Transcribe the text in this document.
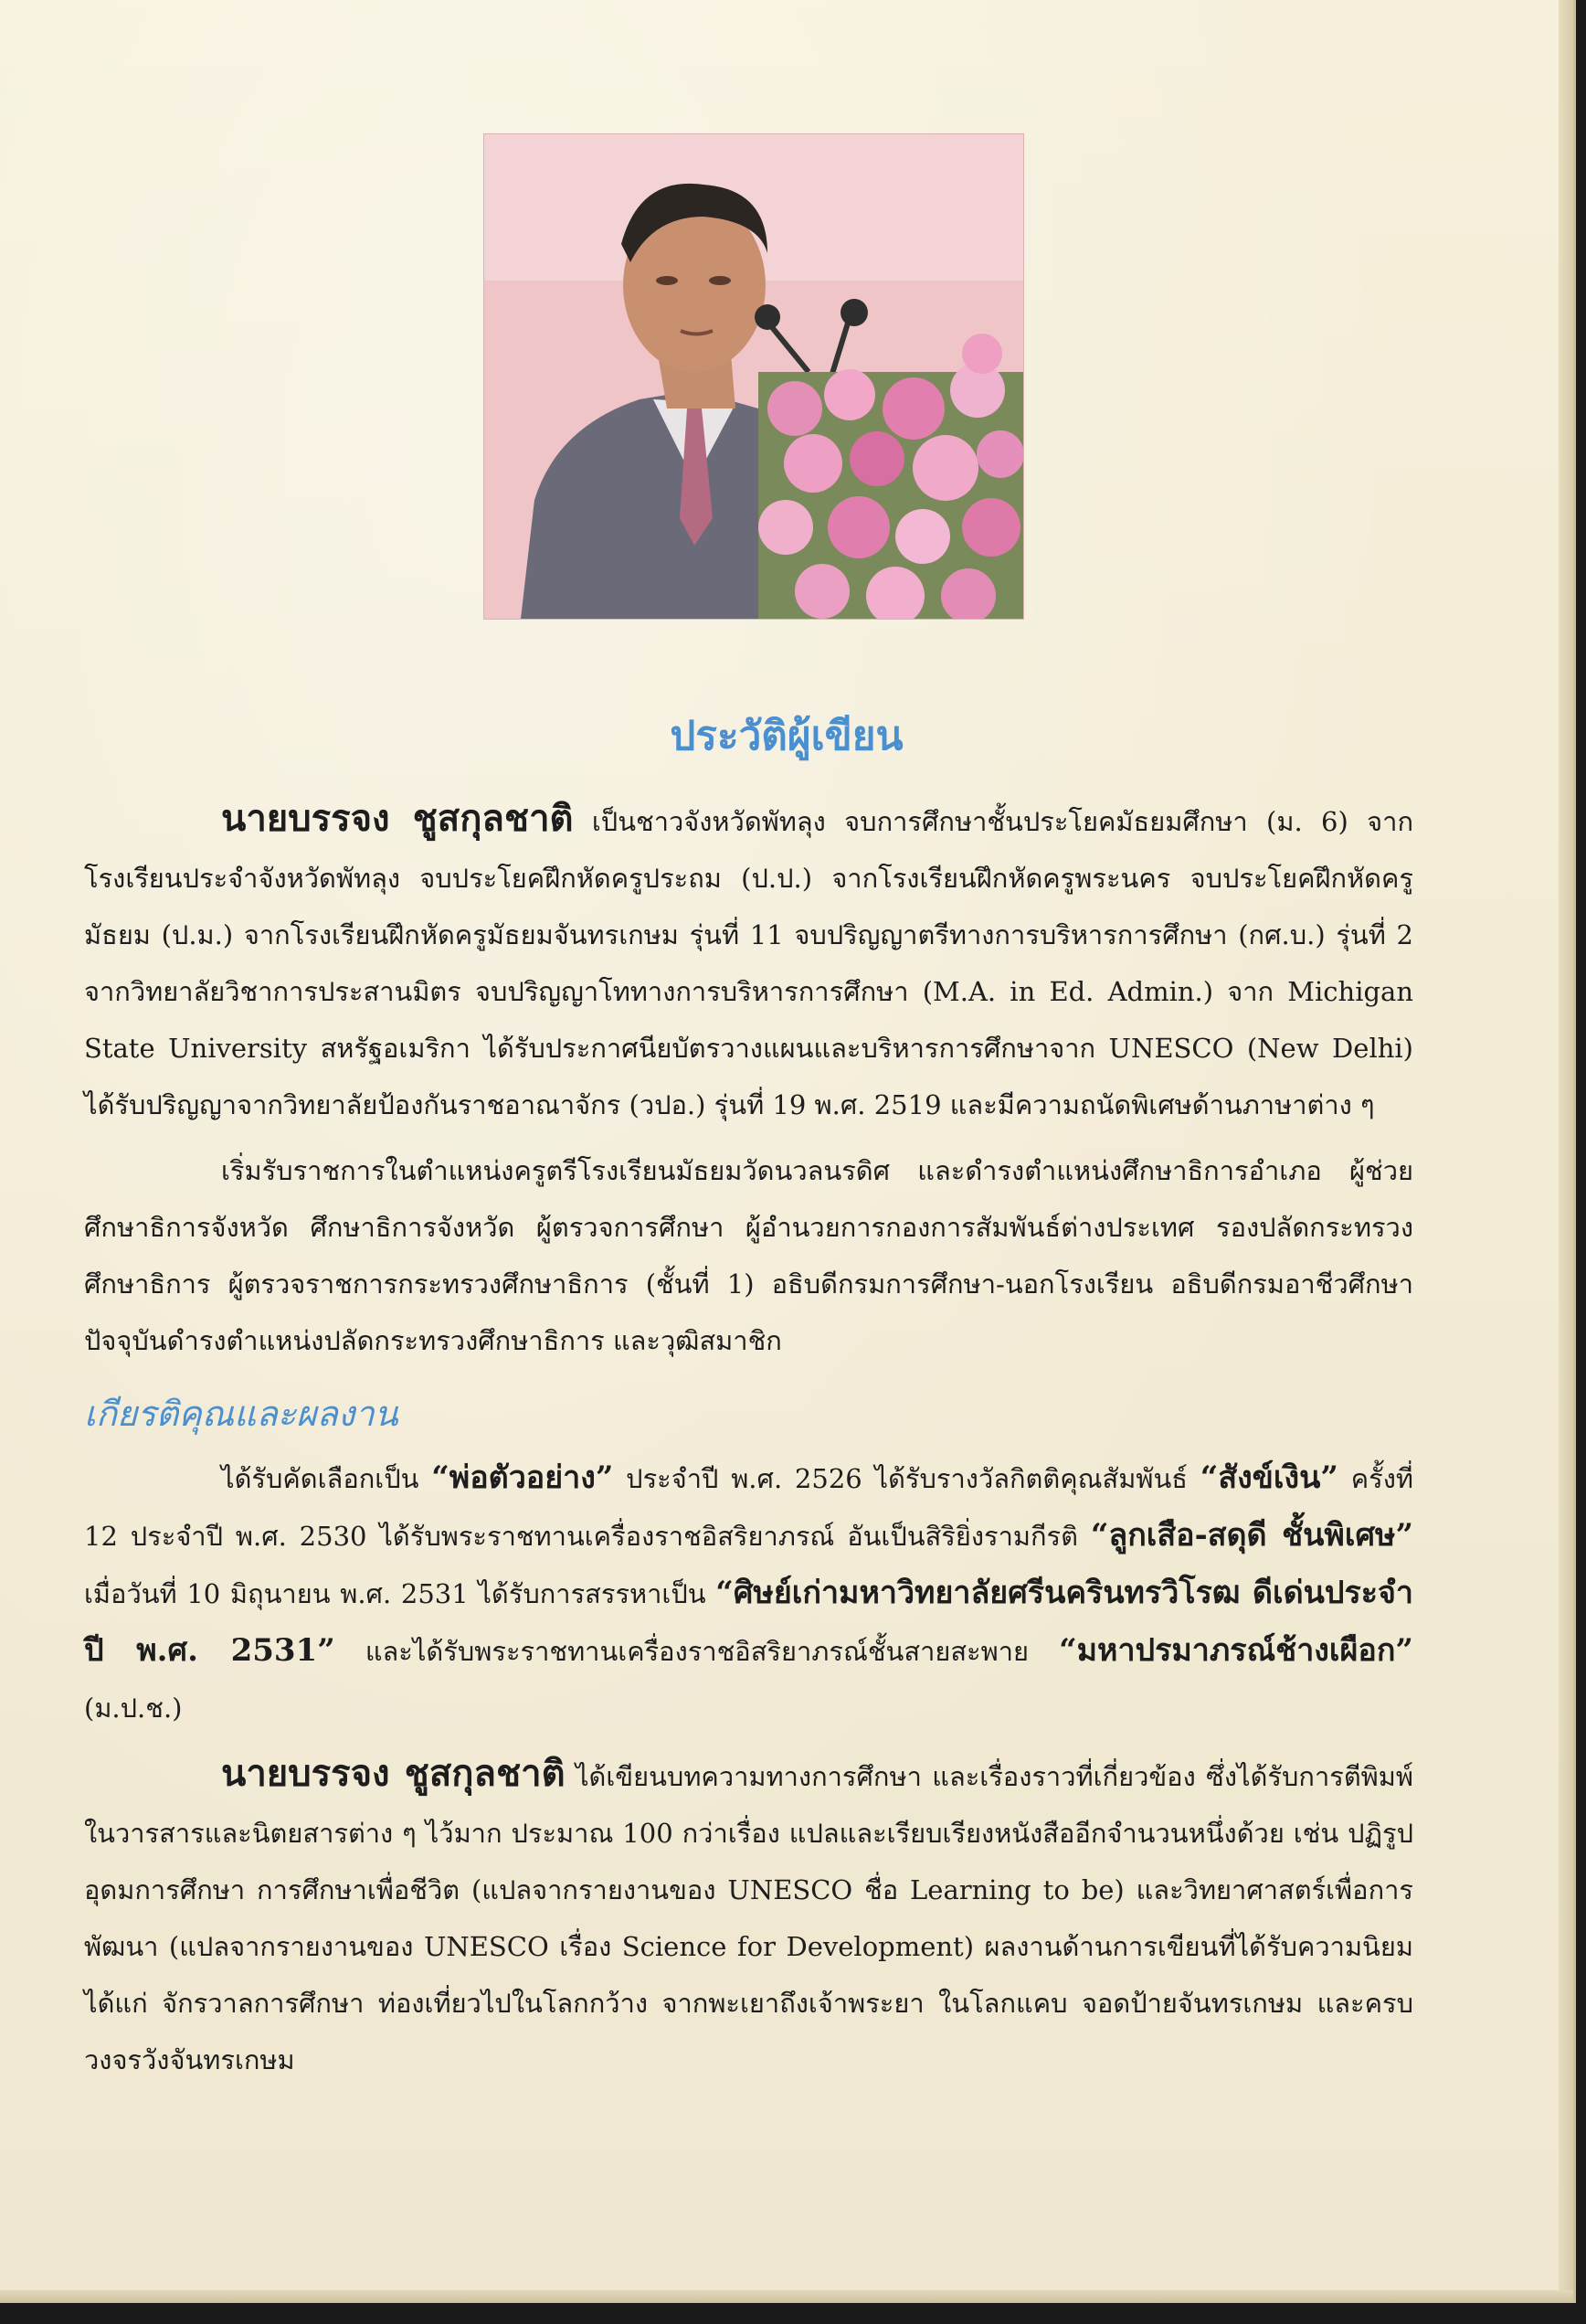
ประวัติผู้เขียน

นายบรรจง ชูสกุลชาติ เป็นชาวจังหวัดพัทลุง จบการศึกษาชั้นประโยคมัธยมศึกษา (ม. 6) จากโรงเรียนประจำจังหวัดพัทลุง จบประโยคฝึกหัดครูประถม (ป.ป.) จากโรงเรียนฝึกหัดครูพระนคร จบประโยคฝึกหัดครูมัธยม (ป.ม.) จากโรงเรียนฝึกหัดครูมัธยมจันทรเกษม รุ่นที่ 11 จบปริญญาตรีทางการบริหารการศึกษา (กศ.บ.) รุ่นที่ 2 จากวิทยาลัยวิชาการประสานมิตร จบปริญญาโททางการบริหารการศึกษา (M.A. in Ed. Admin.) จาก Michigan State University สหรัฐอเมริกา ได้รับประกาศนียบัตรวางแผนและบริหารการศึกษาจาก UNESCO (New Delhi) ได้รับปริญญาจากวิทยาลัยป้องกันราชอาณาจักร (วปอ.) รุ่นที่ 19 พ.ศ. 2519 และมีความถนัดพิเศษด้านภาษาต่าง ๆ

เริ่มรับราชการในตำแหน่งครูตรีโรงเรียนมัธยมวัดนวลนรดิศ และดำรงตำแหน่งศึกษาธิการอำเภอ ผู้ช่วยศึกษาธิการจังหวัด ศึกษาธิการจังหวัด ผู้ตรวจการศึกษา ผู้อำนวยการกองการสัมพันธ์ต่างประเทศ รองปลัดกระทรวงศึกษาธิการ ผู้ตรวจราชการกระทรวงศึกษาธิการ (ชั้นที่ 1) อธิบดีกรมการศึกษา-นอกโรงเรียน อธิบดีกรมอาชีวศึกษา ปัจจุบันดำรงตำแหน่งปลัดกระทรวงศึกษาธิการ และวุฒิสมาชิก

เกียรติคุณและผลงาน

ได้รับคัดเลือกเป็น “พ่อตัวอย่าง” ประจำปี พ.ศ. 2526 ได้รับรางวัลกิตติคุณสัมพันธ์ “สังข์เงิน” ครั้งที่ 12 ประจำปี พ.ศ. 2530 ได้รับพระราชทานเครื่องราชอิสริยาภรณ์ อันเป็นสิริยิ่งรามกีรติ “ลูกเสือ-สดุดี ชั้นพิเศษ” เมื่อวันที่ 10 มิถุนายน พ.ศ. 2531 ได้รับการสรรหาเป็น “ศิษย์เก่ามหาวิทยาลัยศรีนครินทรวิโรฒ ดีเด่นประจำปี พ.ศ. 2531” และได้รับพระราชทานเครื่องราชอิสริยาภรณ์ชั้นสายสะพาย “มหาปรมาภรณ์ช้างเผือก” (ม.ป.ช.)

นายบรรจง ชูสกุลชาติ ได้เขียนบทความทางการศึกษา และเรื่องราวที่เกี่ยวข้อง ซึ่งได้รับการตีพิมพ์ในวารสารและนิตยสารต่าง ๆ ไว้มาก ประมาณ 100 กว่าเรื่อง แปลและเรียบเรียงหนังสืออีกจำนวนหนึ่งด้วย เช่น ปฏิรูปอุดมการศึกษา การศึกษาเพื่อชีวิต (แปลจากรายงานของ UNESCO ชื่อ Learning to be) และวิทยาศาสตร์เพื่อการพัฒนา (แปลจากรายงานของ UNESCO เรื่อง Science for Development) ผลงานด้านการเขียนที่ได้รับความนิยม ได้แก่ จักรวาลการศึกษา ท่องเที่ยวไปในโลกกว้าง จากพะเยาถึงเจ้าพระยา ในโลกแคบ จอดป้ายจันทรเกษม และครบวงจรวังจันทรเกษม
